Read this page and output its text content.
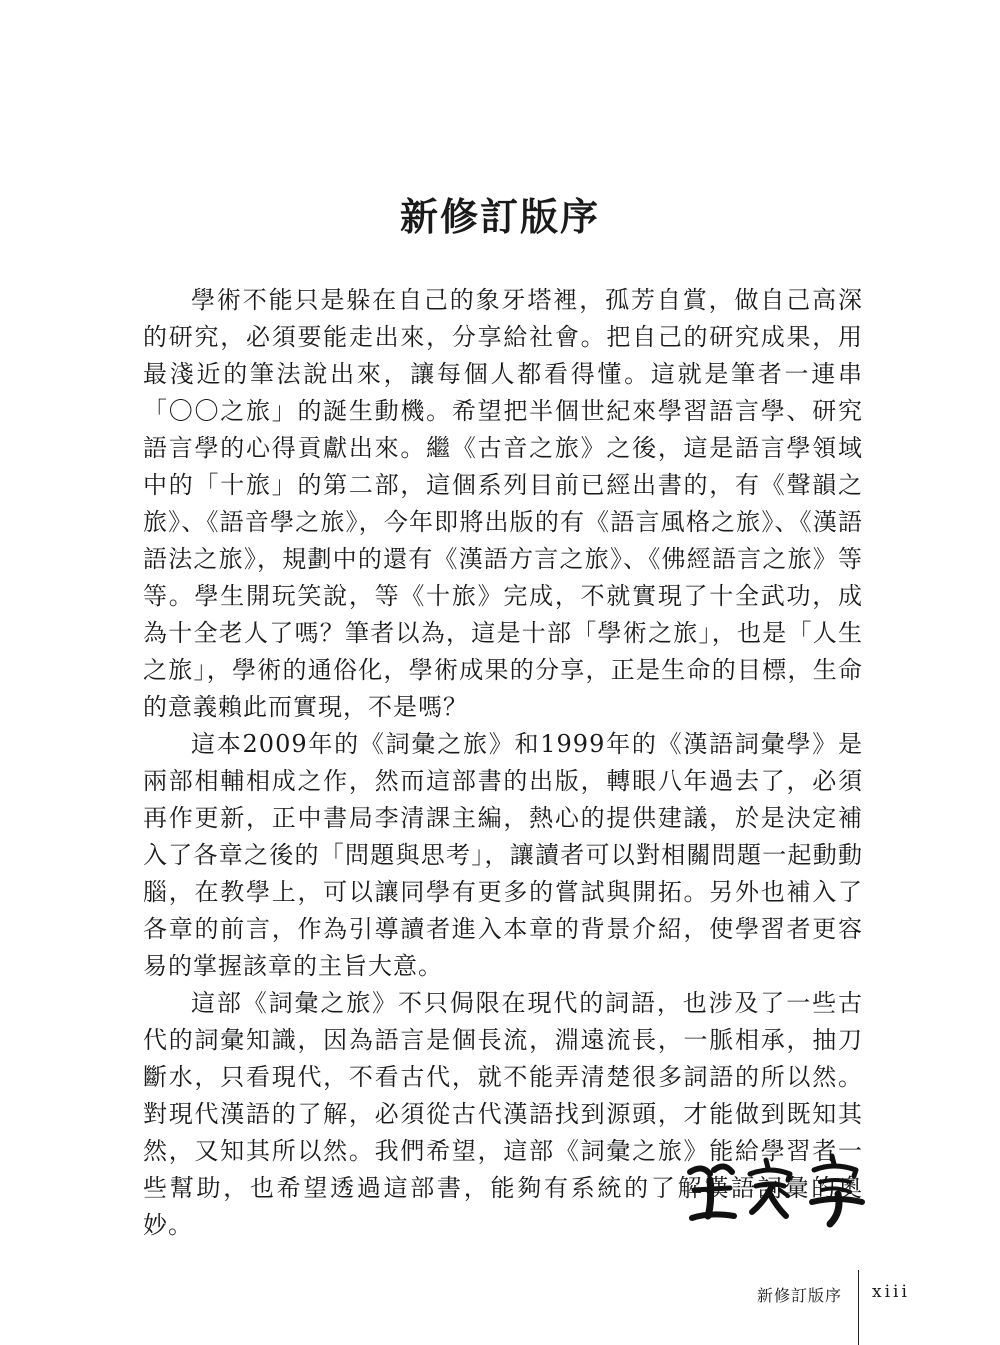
新修訂版序

學術不能只是躲在自己的象牙塔裡，孤芳自賞，做自己高深的研究，必須要能走出來，分享給社會。把自己的研究成果，用最淺近的筆法說出來，讓每個人都看得懂。這就是筆者一連串「〇〇之旅」的誕生動機。希望把半個世紀來學習語言學、研究語言學的心得貢獻出來。繼《古音之旅》之後，這是語言學領域中的「十旅」的第二部，這個系列目前已經出書的，有《聲韻之旅》、《語音學之旅》，今年即將出版的有《語言風格之旅》、《漢語語法之旅》，規劃中的還有《漢語方言之旅》、《佛經語言之旅》等等。學生開玩笑說，等《十旅》完成，不就實現了十全武功，成為十全老人了嗎？筆者以為，這是十部「學術之旅」，也是「人生之旅」，學術的通俗化，學術成果的分享，正是生命的目標，生命的意義賴此而實現，不是嗎？

這本2009年的《詞彙之旅》和1999年的《漢語詞彙學》是兩部相輔相成之作，然而這部書的出版，轉眼八年過去了，必須再作更新，正中書局李清課主編，熱心的提供建議，於是決定補入了各章之後的「問題與思考」，讓讀者可以對相關問題一起動動腦，在教學上，可以讓同學有更多的嘗試與開拓。另外也補入了各章的前言，作為引導讀者進入本章的背景介紹，使學習者更容易的掌握該章的主旨大意。

這部《詞彙之旅》不只侷限在現代的詞語，也涉及了一些古代的詞彙知識，因為語言是個長流，淵遠流長，一脈相承，抽刀斷水，只看現代，不看古代，就不能弄清楚很多詞語的所以然。對現代漢語的了解，必須從古代漢語找到源頭，才能做到既知其然，又知其所以然。我們希望，這部《詞彙之旅》能給學習者一些幫助，也希望透過這部書，能夠有系統的了解漢語詞彙的奧妙。

新修訂版序 xiii
